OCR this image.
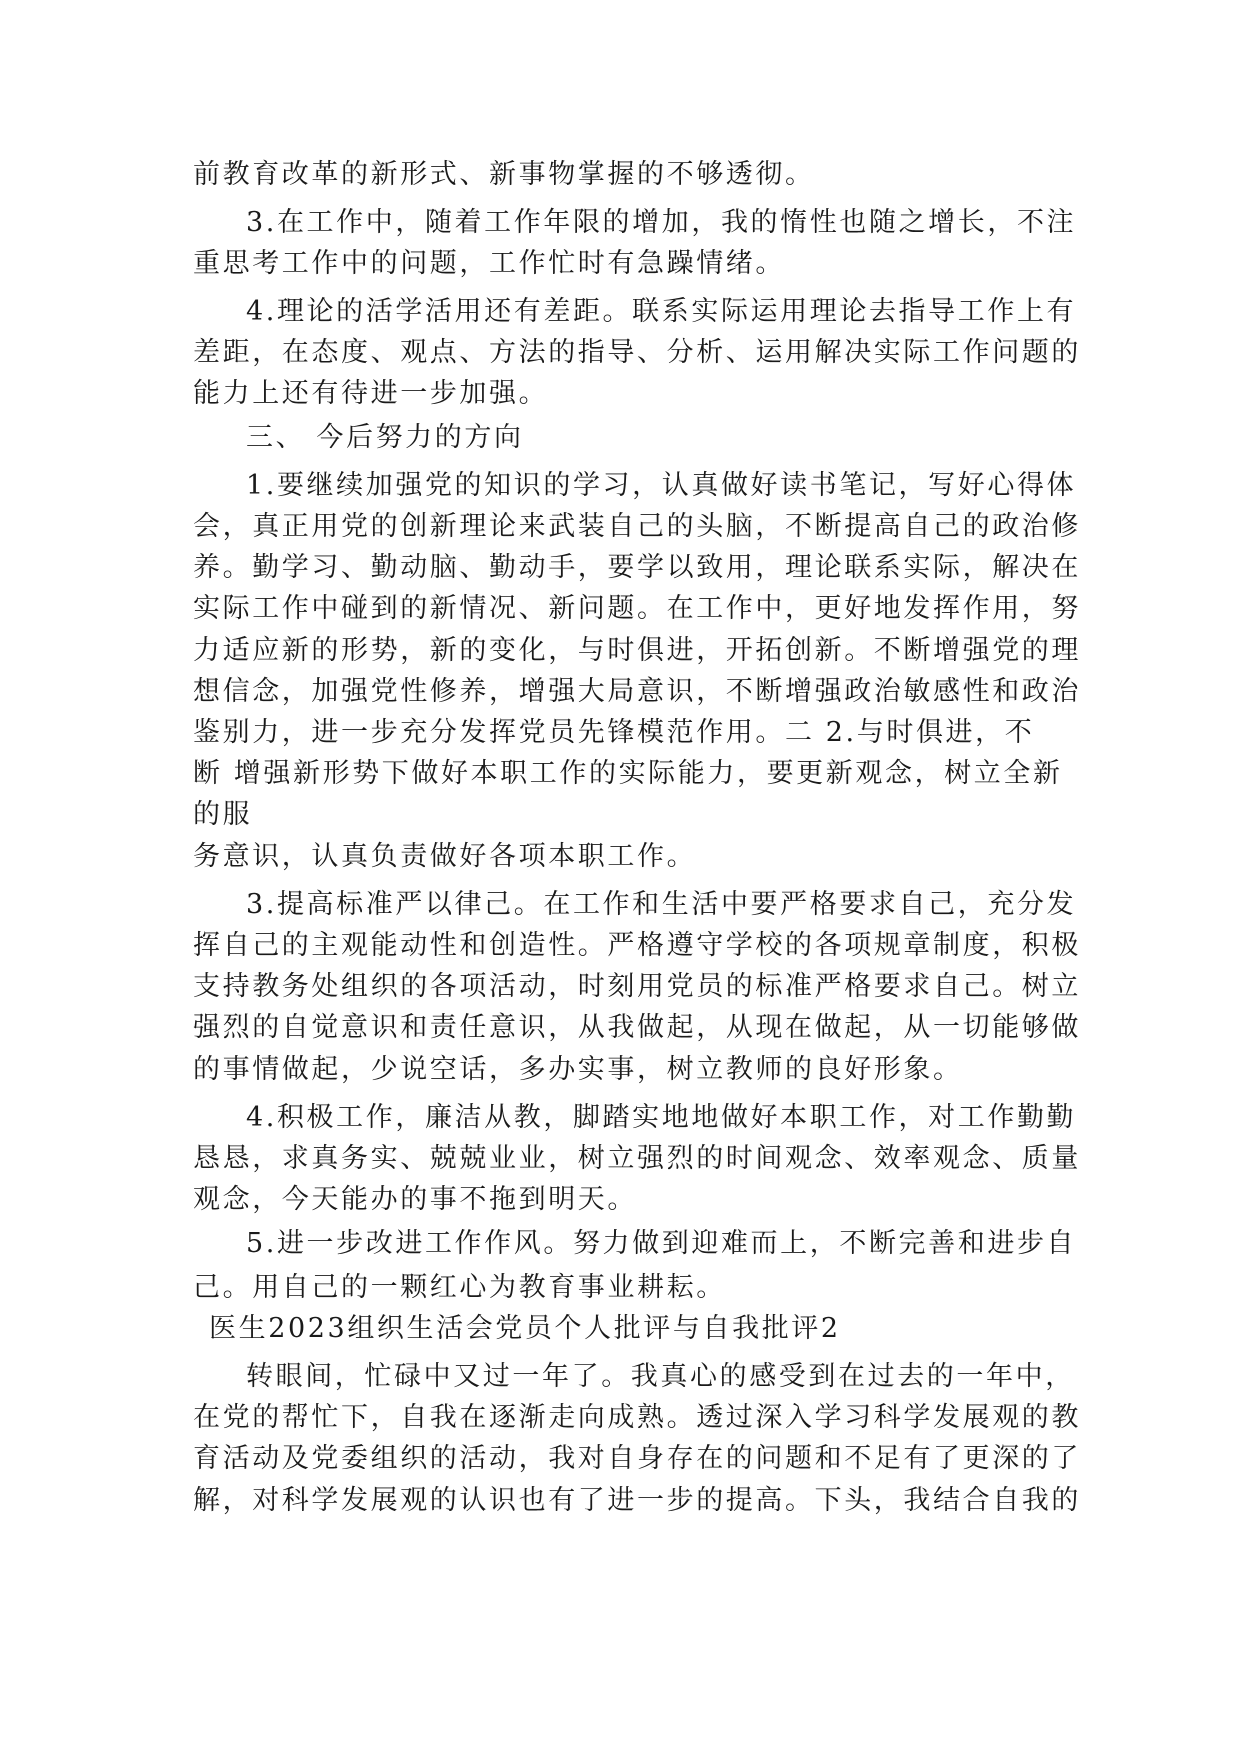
前教育改革的新形式、新事物掌握的不够透彻。
3.在工作中，随着工作年限的增加，我的惰性也随之增长，不注
重思考工作中的问题，工作忙时有急躁情绪。
4.理论的活学活用还有差距。联系实际运用理论去指导工作上有
差距，在态度、观点、方法的指导、分析、运用解决实际工作问题的
能力上还有待进一步加强。
三、 今后努力的方向
1.要继续加强党的知识的学习，认真做好读书笔记，写好心得体
会，真正用党的创新理论来武装自己的头脑，不断提高自己的政治修
养。勤学习、勤动脑、勤动手，要学以致用，理论联系实际，解决在
实际工作中碰到的新情况、新问题。在工作中，更好地发挥作用，努
力适应新的形势，新的变化，与时俱进，开拓创新。不断增强党的理
想信念，加强党性修养，增强大局意识，不断增强政治敏感性和政治
鉴别力，进一步充分发挥党员先锋模范作用。二 2.与时俱进，不
断 增强新形势下做好本职工作的实际能力，要更新观念，树立全新
的服
务意识，认真负责做好各项本职工作。
3.提高标准严以律己。在工作和生活中要严格要求自己，充分发
挥自己的主观能动性和创造性。严格遵守学校的各项规章制度，积极
支持教务处组织的各项活动，时刻用党员的标准严格要求自己。树立
强烈的自觉意识和责任意识，从我做起，从现在做起，从一切能够做
的事情做起，少说空话，多办实事，树立教师的良好形象。
4.积极工作，廉洁从教，脚踏实地地做好本职工作，对工作勤勤
恳恳，求真务实、兢兢业业，树立强烈的时间观念、效率观念、质量
观念，今天能办的事不拖到明天。
5.进一步改进工作作风。努力做到迎难而上，不断完善和进步自
己。用自己的一颗红心为教育事业耕耘。
医生2023组织生活会党员个人批评与自我批评2
转眼间，忙碌中又过一年了。我真心的感受到在过去的一年中，
在党的帮忙下，自我在逐渐走向成熟。透过深入学习科学发展观的教
育活动及党委组织的活动，我对自身存在的问题和不足有了更深的了
解，对科学发展观的认识也有了进一步的提高。下头，我结合自我的
